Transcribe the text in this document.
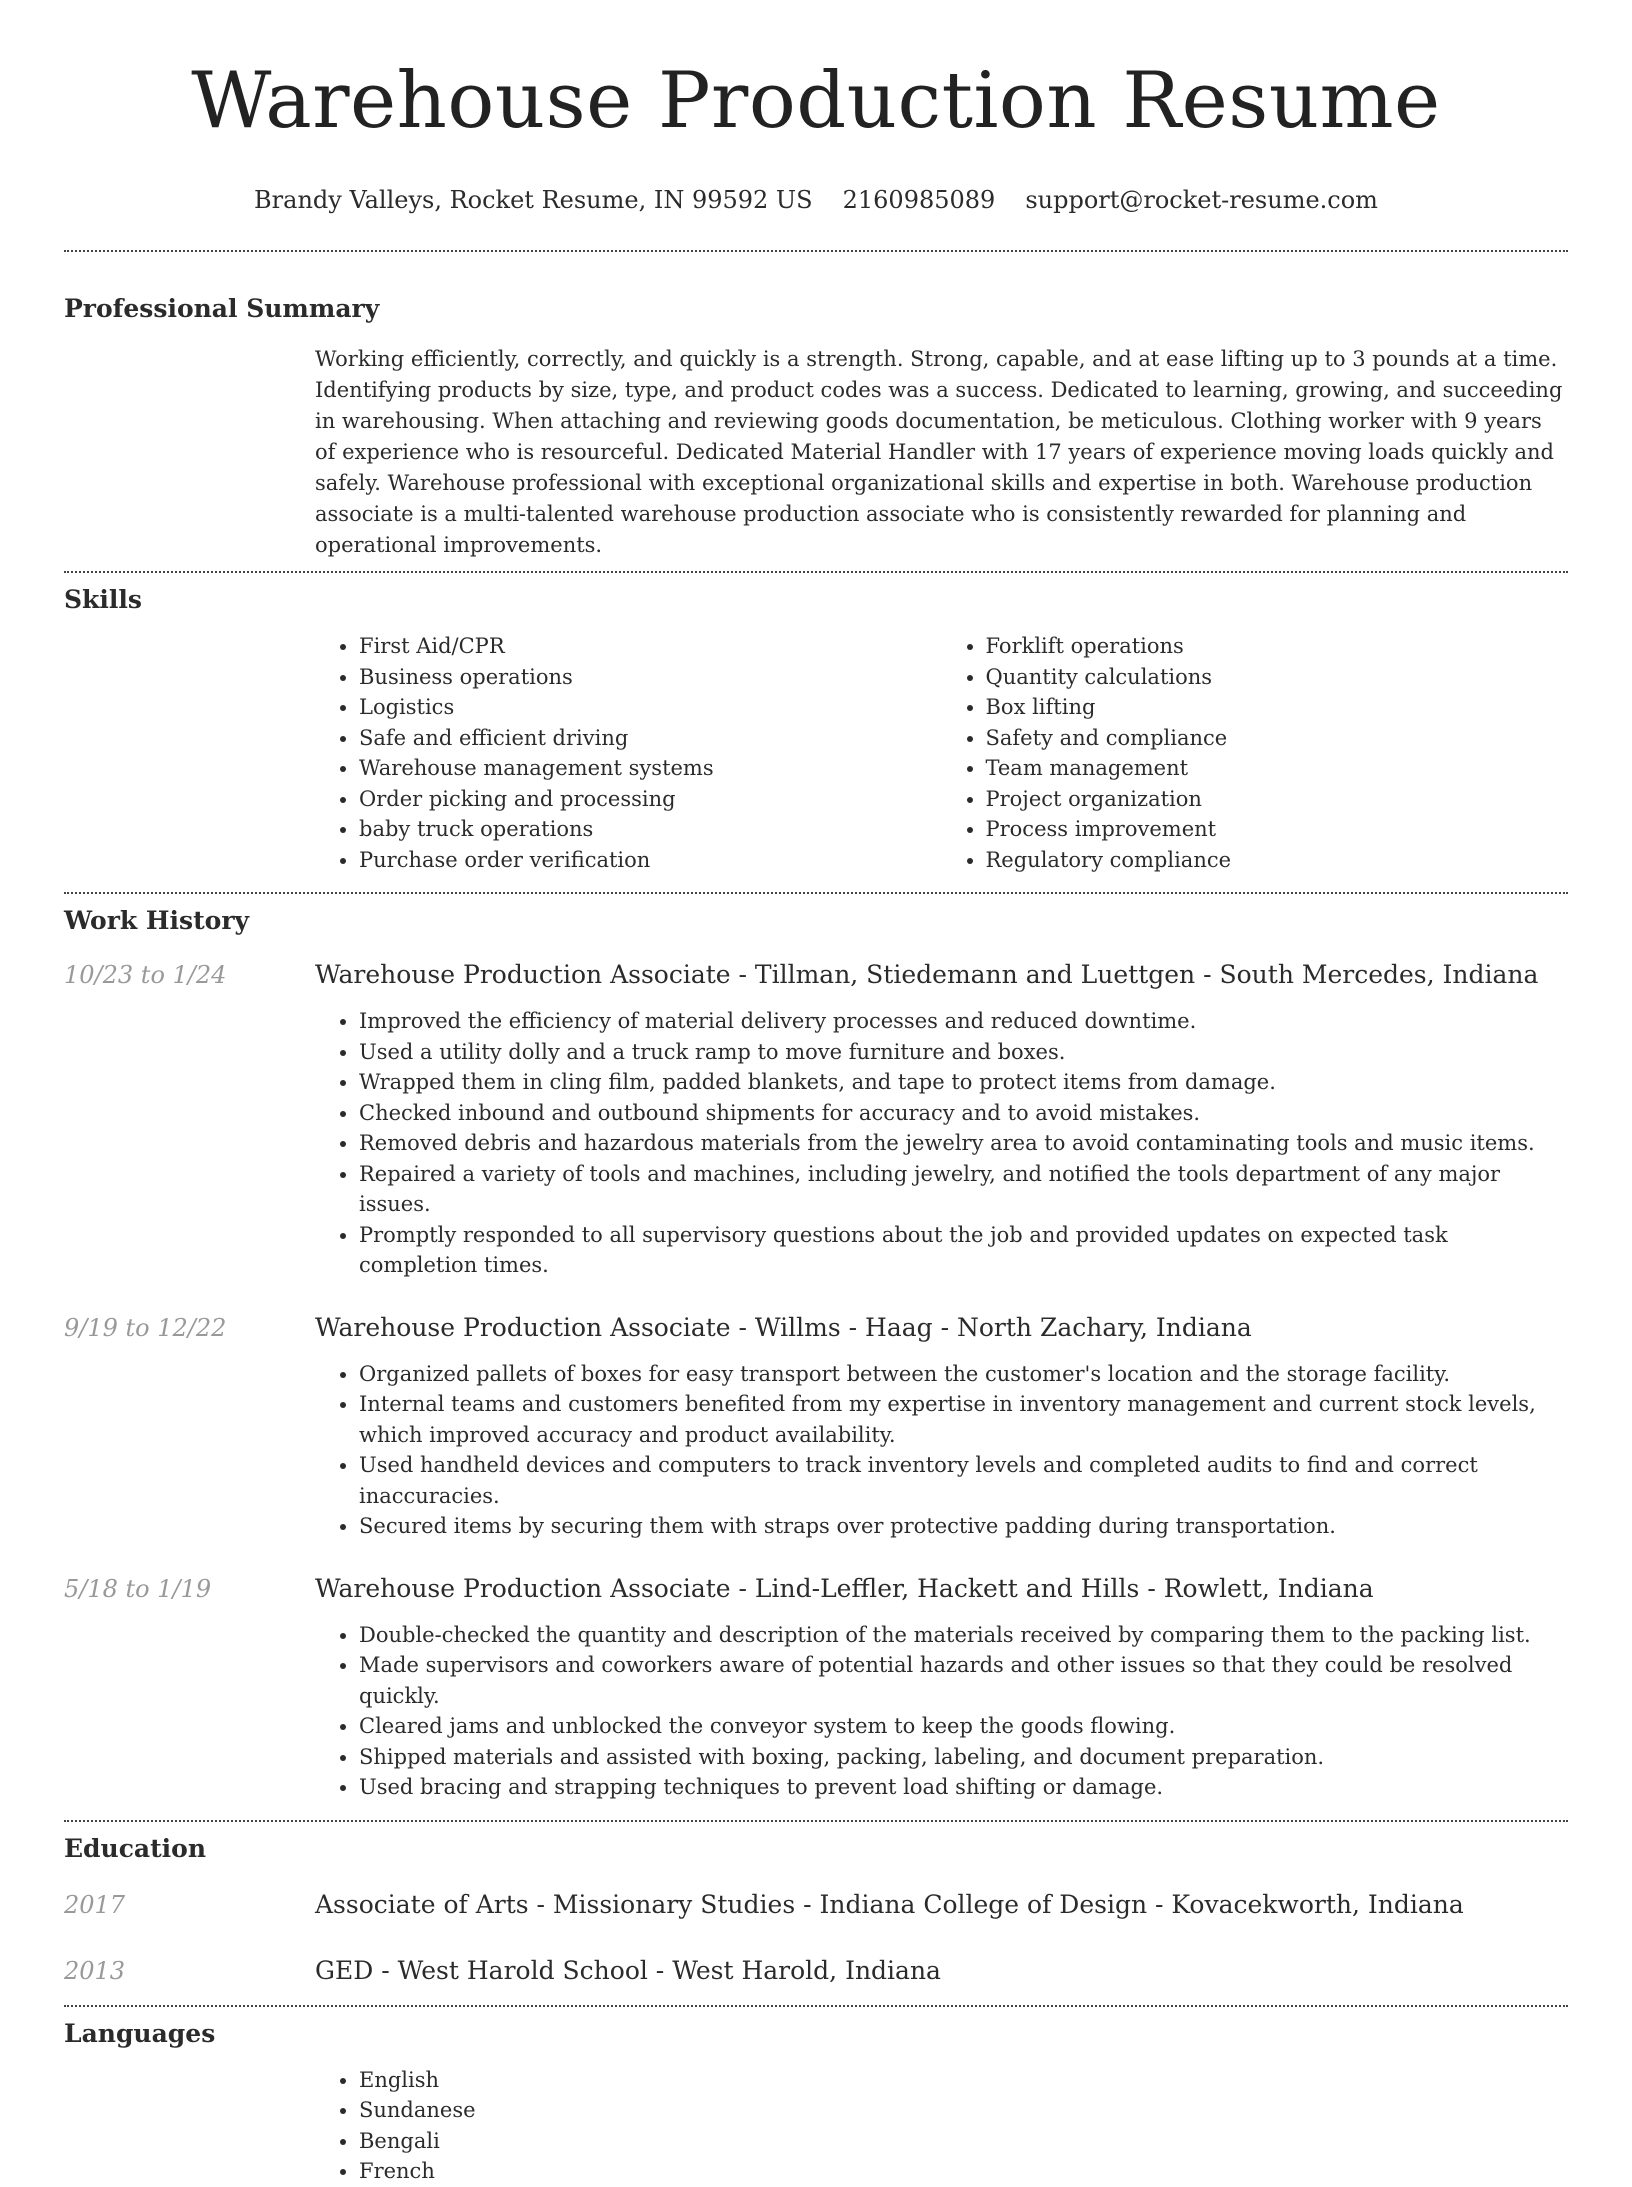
Warehouse Production Resume
Brandy Valleys, Rocket Resume, IN 99592 US 2160985089 support@rocket-resume.com
Professional Summary

Working efficiently, correctly, and quickly is a strength. Strong, capable, and at ease lifting up to 3 pounds at a time. Identifying products by size, type, and product codes was a success. Dedicated to learning, growing, and succeeding in warehousing. When attaching and reviewing goods documentation, be meticulous. Clothing worker with 9 years of experience who is resourceful. Dedicated Material Handler with 17 years of experience moving loads quickly and safely. Warehouse professional with exceptional organizational skills and expertise in both. Warehouse production associate is a multi-talented warehouse production associate who is consistently rewarded for planning and operational improvements.

Skills
• First Aid/CPR
• Business operations
• Logistics
• Safe and efficient driving
• Warehouse management systems
• Order picking and processing
• baby truck operations
• Purchase order verification
• Forklift operations
• Quantity calculations
• Box lifting
• Safety and compliance
• Team management
• Project organization
• Process improvement
• Regulatory compliance
Work History
10/23 to 1/24	Warehouse Production Associate - Tillman, Stiedemann and Luettgen - South Mercedes, Indiana
• Improved the efficiency of material delivery processes and reduced downtime.
• Used a utility dolly and a truck ramp to move furniture and boxes.
• Wrapped them in cling film, padded blankets, and tape to protect items from damage.
• Checked inbound and outbound shipments for accuracy and to avoid mistakes.
• Removed debris and hazardous materials from the jewelry area to avoid contaminating tools and music items.
• Repaired a variety of tools and machines, including jewelry, and notified the tools department of any major issues.
• Promptly responded to all supervisory questions about the job and provided updates on expected task completion times.
9/19 to 12/22	Warehouse Production Associate - Willms - Haag - North Zachary, Indiana
• Organized pallets of boxes for easy transport between the customer's location and the storage facility.
• Internal teams and customers benefited from my expertise in inventory management and current stock levels, which improved accuracy and product availability.
• Used handheld devices and computers to track inventory levels and completed audits to find and correct inaccuracies.
• Secured items by securing them with straps over protective padding during transportation.
5/18 to 1/19	Warehouse Production Associate - Lind-Leffler, Hackett and Hills - Rowlett, Indiana
• Double-checked the quantity and description of the materials received by comparing them to the packing list.
• Made supervisors and coworkers aware of potential hazards and other issues so that they could be resolved quickly.
• Cleared jams and unblocked the conveyor system to keep the goods flowing.
• Shipped materials and assisted with boxing, packing, labeling, and document preparation.
• Used bracing and strapping techniques to prevent load shifting or damage.
Education
2017	Associate of Arts - Missionary Studies - Indiana College of Design - Kovacekworth, Indiana
2013	GED - West Harold School - West Harold, Indiana
Languages
• English
• Sundanese
• Bengali
• French
